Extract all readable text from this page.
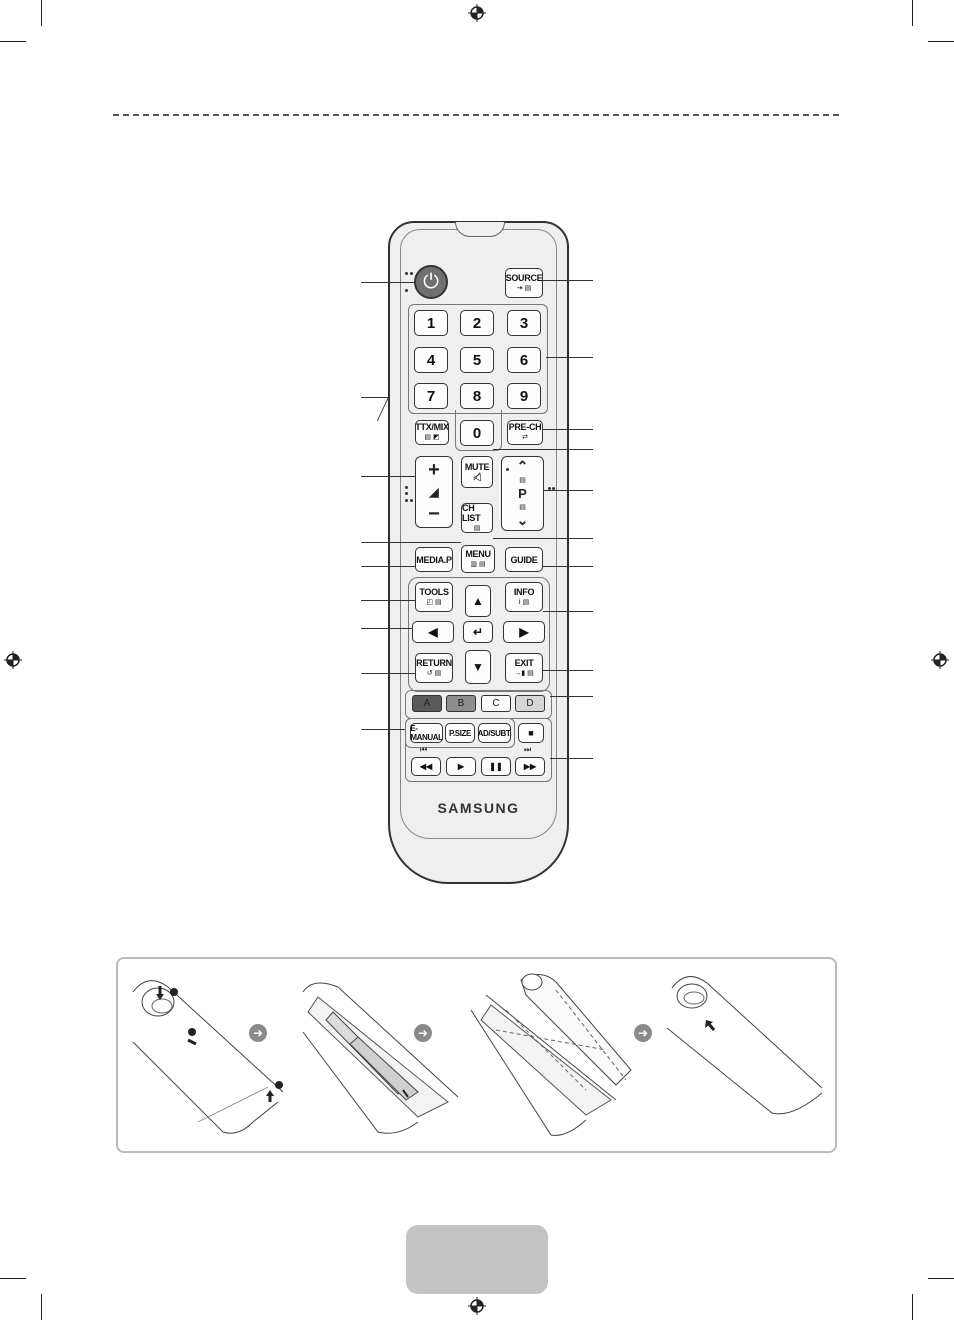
⏻	SOURCE
⇥ ▤
1	2	3
4	5	6
7	8	9
0
TTX/MIX
▤ ◩
PRE-CH
⇄
+
◢
−
MUTE
◁̸
⌃
▤
P
▤
⌄
CH LIST
▤
MEDIA.P
MENU
▥ ▤	GUIDE
TOOLS
◰ ▤
INFO
ⅰ ▤
▲
◀	↵	▶
▼
RETURN
↺ ▤
EXIT
→▮ ▤
A	B	C	D
E-MANUAL P.SIZE AD/SUBT. ■
⏮	⏭
◀◀	▶	❚❚	▶▶
SAMSUNG
➜	➜	➜
